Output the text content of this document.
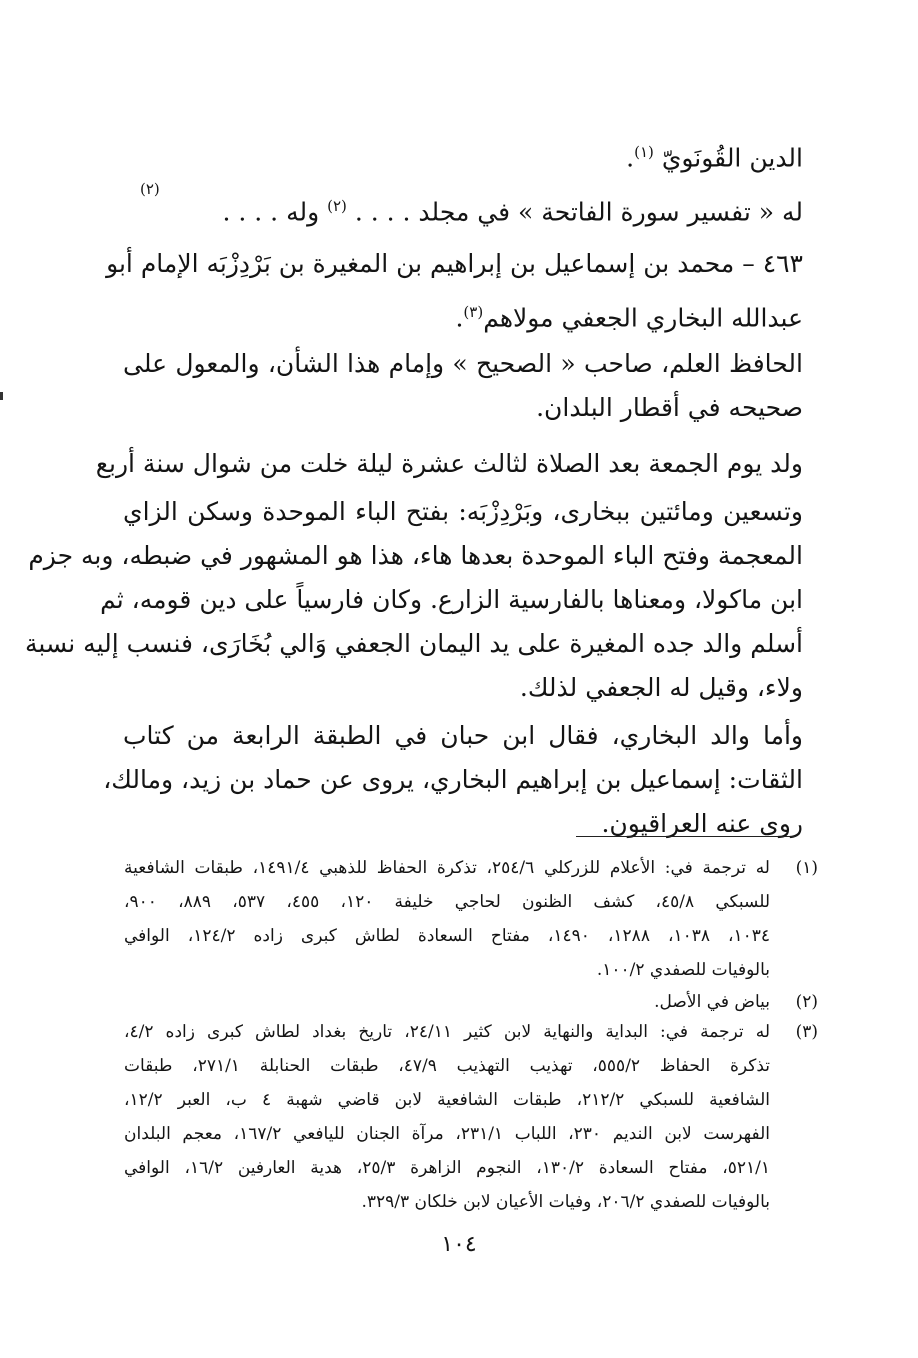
الدين القُونَويّ $^{(١)}$.
له « تفسير سورة الفاتحة » في مجلد . . . . $^{(٢)}$ وله . . . .
(٢)
٤٦٣ – محمد بن إسماعيل بن إبراهيم بن المغيرة بن بَرْدِزْبَه الإمام أبو
عبدالله البخاري الجعفي مولاهم$^{(٣)}$.
الحافظ العلم، صاحب « الصحيح » وإمام هذا الشأن، والمعول على
صحيحه في أقطار البلدان.
ولد يوم الجمعة بعد الصلاة لثالث عشرة ليلة خلت من شوال سنة أربع
وتسعين ومائتين ببخارى، وبَرْدِزْبَه: بفتح الباء الموحدة وسكن الزاي
المعجمة وفتح الباء الموحدة بعدها هاء، هذا هو المشهور في ضبطه، وبه جزم
ابن ماكولا، ومعناها بالفارسية الزارع. وكان فارسياً على دين قومه، ثم
أسلم والد جده المغيرة على يد اليمان الجعفي وَالي بُخَارَى، فنسب إليه نسبة
ولاء، وقيل له الجعفي لذلك.
وأما والد البخاري، فقال ابن حبان في الطبقة الرابعة من كتاب
الثقات: إسماعيل بن إبراهيم البخاري، يروى عن حماد بن زيد، ومالك،
روى عنه العراقيون.
(١)
له ترجمة في: الأعلام للزركلي ٢٥٤/٦، تذكرة الحفاظ للذهبي ١٤٩١/٤، طبقات الشافعية
للسبكي ٤٥/٨، كشف الظنون لحاجي خليفة ١٢٠، ٤٥٥، ٥٣٧، ٨٨٩، ٩٠٠،
١٠٣٤، ١٠٣٨، ١٢٨٨، ١٤٩٠، مفتاح السعادة لطاش كبرى زاده ١٢٤/٢، الوافي
بالوفيات للصفدي ١٠٠/٢.
(٢)
بياض في الأصل.
(٣)
له ترجمة في: البداية والنهاية لابن كثير ٢٤/١١، تاريخ بغداد لطاش كبرى زاده ٤/٢،
تذكرة الحفاظ ٥٥٥/٢، تهذيب التهذيب ٤٧/٩، طبقات الحنابلة ٢٧١/١، طبقات
الشافعية للسبكي ٢١٢/٢، طبقات الشافعية لابن قاضي شهبة ٤ ب، العبر ١٢/٢،
الفهرست لابن النديم ٢٣٠، اللباب ٢٣١/١، مرآة الجنان لليافعي ١٦٧/٢، معجم البلدان
٥٢١/١، مفتاح السعادة ١٣٠/٢، النجوم الزاهرة ٢٥/٣، هدية العارفين ١٦/٢، الوافي
بالوفيات للصفدي ٢٠٦/٢، وفيات الأعيان لابن خلكان ٣٢٩/٣.
١٠٤
